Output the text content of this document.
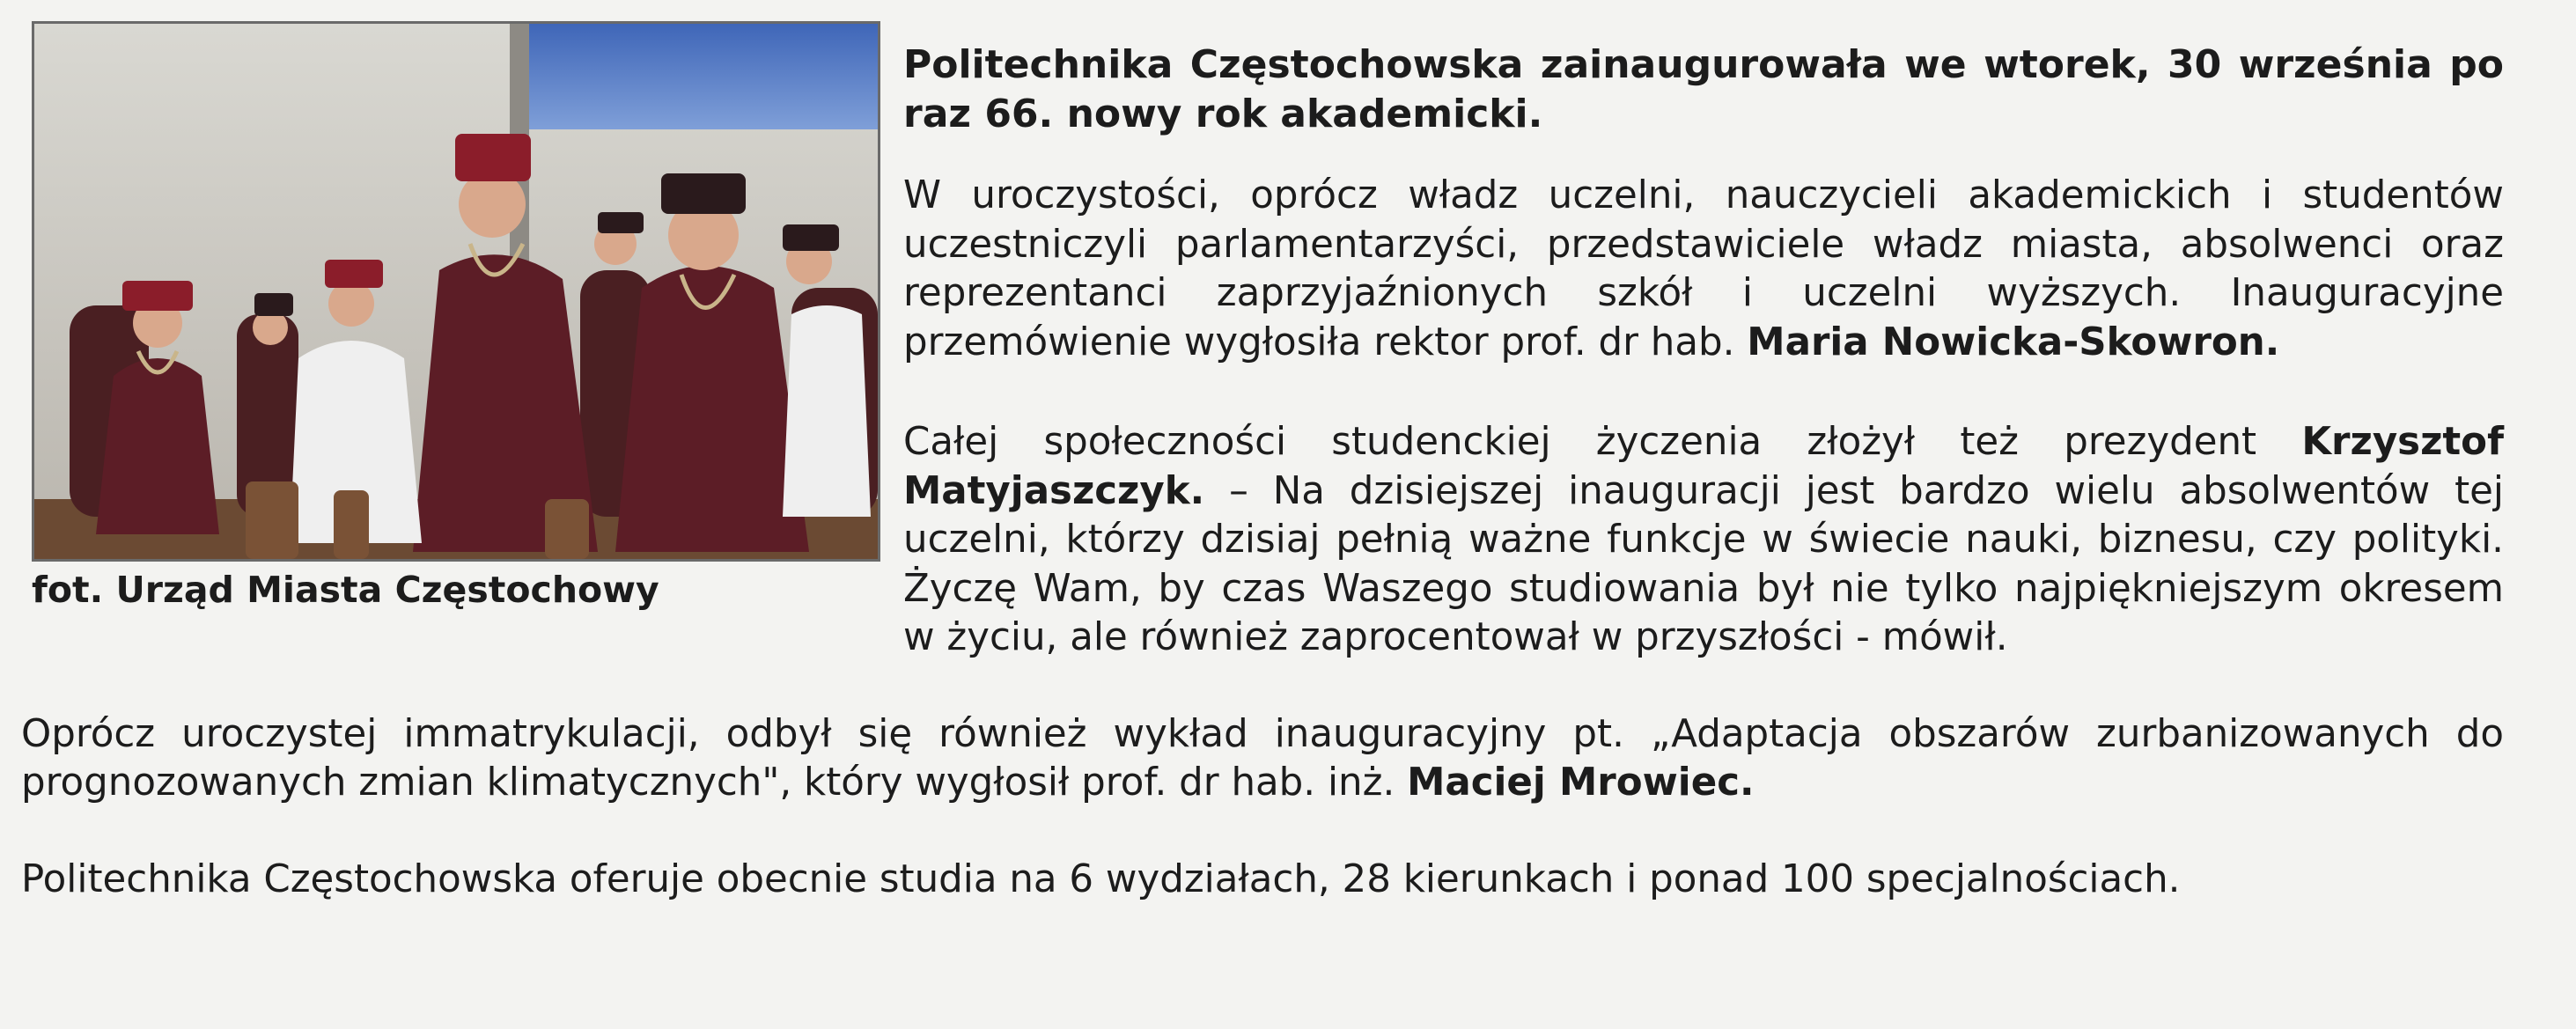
fot. Urząd Miasta Częstochowy

Politechnika Częstochowska zainaugurowała we wtorek, 30 września po raz 66. nowy rok akademicki.

W uroczystości, oprócz władz uczelni, nauczycieli akademickich i studentów uczestniczyli parlamentarzyści, przedstawiciele władz miasta, absolwenci oraz reprezentanci zaprzyjaźnionych szkół i uczelni wyższych. Inauguracyjne przemówienie wygłosiła rektor prof. dr hab. Maria Nowicka-Skowron.

Całej społeczności studenckiej życzenia złożył też prezydent Krzysztof Matyjaszczyk. – Na dzisiejszej inauguracji jest bardzo wielu absolwentów tej uczelni, którzy dzisiaj pełnią ważne funkcje w świecie nauki, biznesu, czy polityki. Życzę Wam, by czas Waszego studiowania był nie tylko najpiękniejszym okresem w życiu, ale również zaprocentował w przyszłości - mówił.

Oprócz uroczystej immatrykulacji, odbył się również wykład inauguracyjny pt. „Adaptacja obszarów zurbanizowanych do prognozowanych zmian klimatycznych", który wygłosił prof. dr hab. inż. Maciej Mrowiec.

Politechnika Częstochowska oferuje obecnie studia na 6 wydziałach, 28 kierunkach i ponad 100 specjalnościach.
